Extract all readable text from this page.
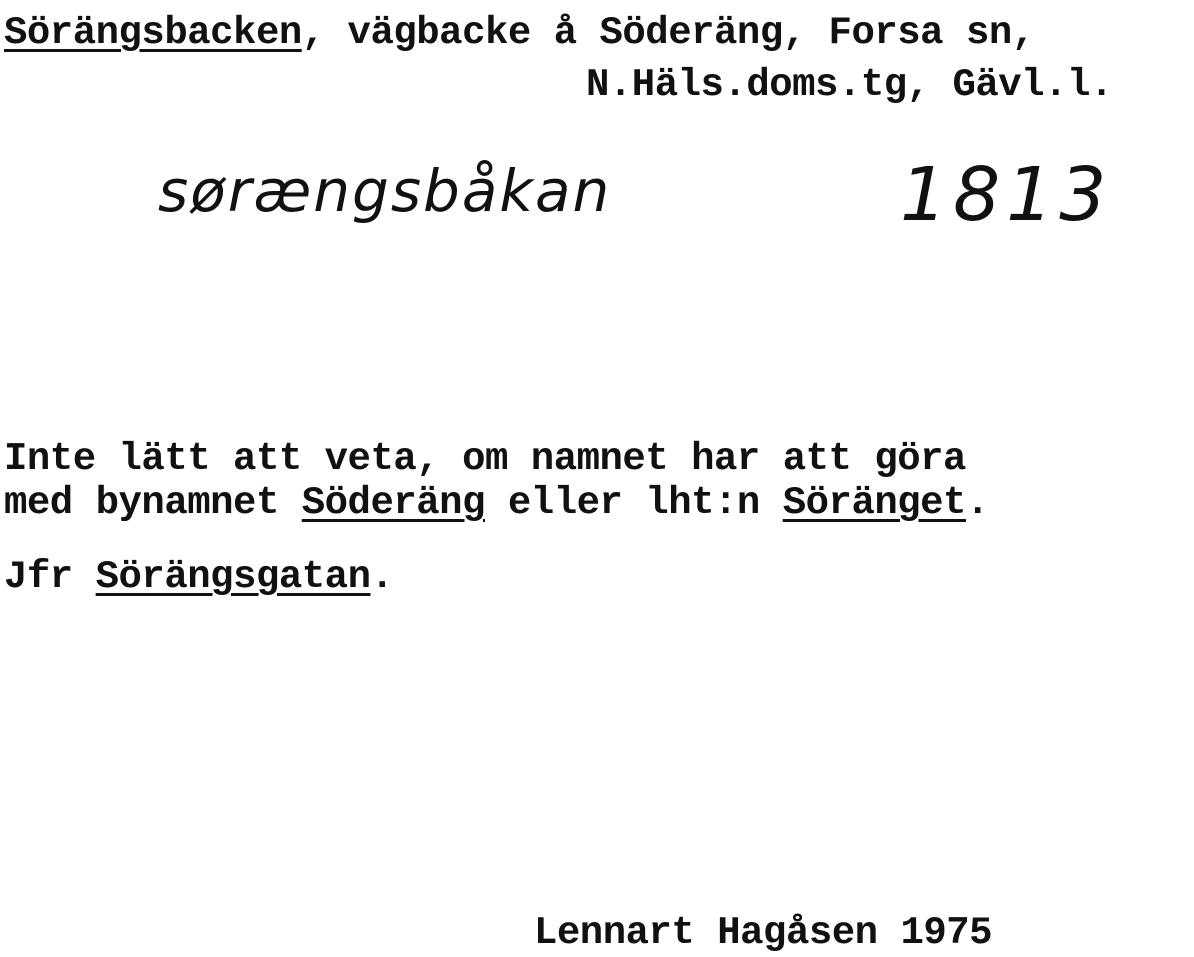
Sörängsbacken, vägbacke å Söderäng, Forsa sn,
N.Häls.doms.tg, Gävl.l.
sørængsbåkan	1813
Inte lätt att veta, om namnet har att göra
med bynamnet Söderäng eller lht:n Söränget.
Jfr Sörängsgatan.
Lennart Hagåsen 1975
